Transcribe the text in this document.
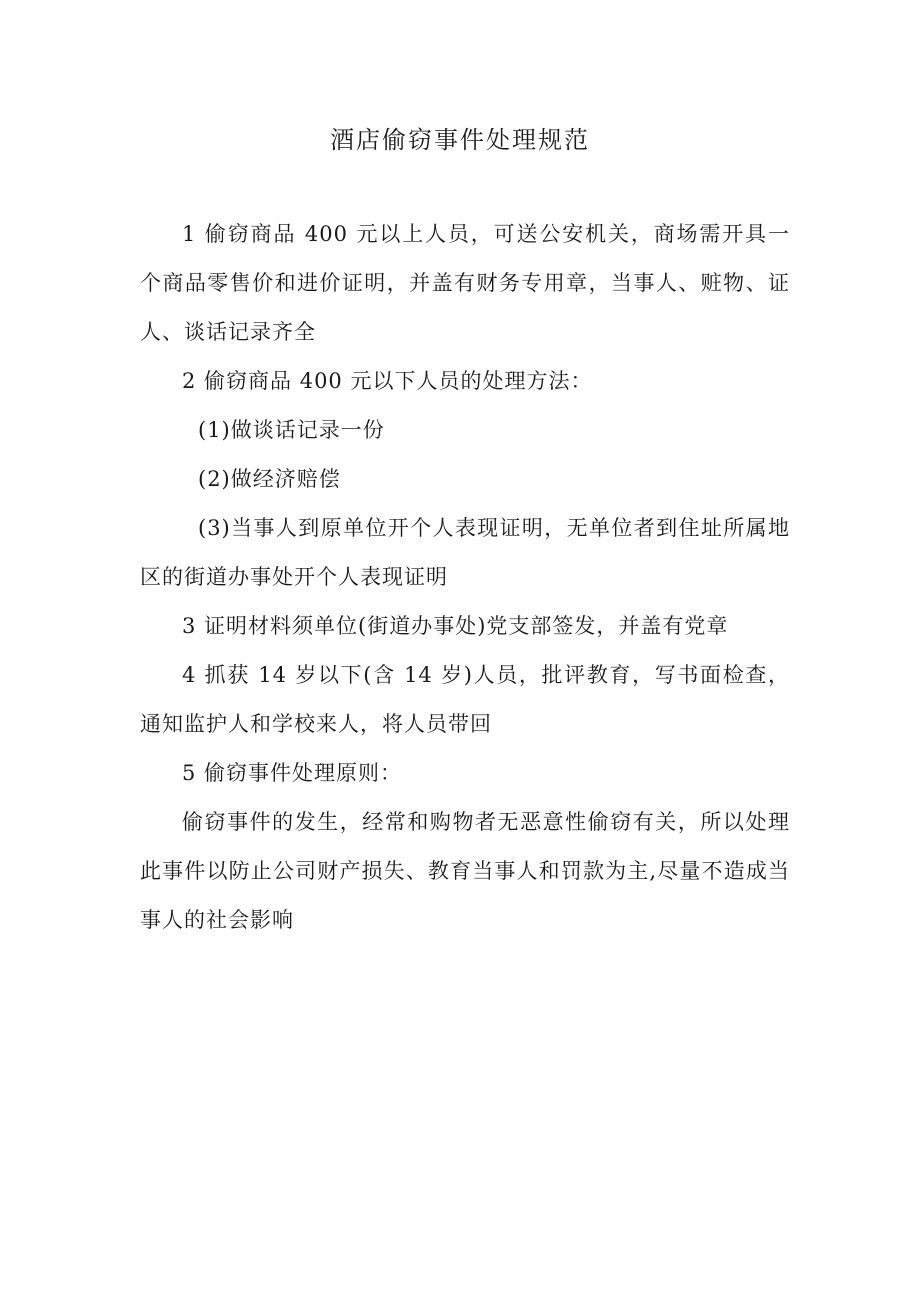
酒店偷窃事件处理规范

1 偷窃商品 400 元以上人员，可送公安机关，商场需开具一个商品零售价和进价证明，并盖有财务专用章，当事人、赃物、证人、谈话记录齐全

2 偷窃商品 400 元以下人员的处理方法：

(1)做谈话记录一份

(2)做经济赔偿

(3)当事人到原单位开个人表现证明，无单位者到住址所属地区的街道办事处开个人表现证明

3 证明材料须单位(街道办事处)党支部签发，并盖有党章

4 抓获 14 岁以下(含 14 岁)人员，批评教育，写书面检查，通知监护人和学校来人，将人员带回

5 偷窃事件处理原则：

偷窃事件的发生，经常和购物者无恶意性偷窃有关，所以处理此事件以防止公司财产损失、教育当事人和罚款为主,尽量不造成当事人的社会影响
